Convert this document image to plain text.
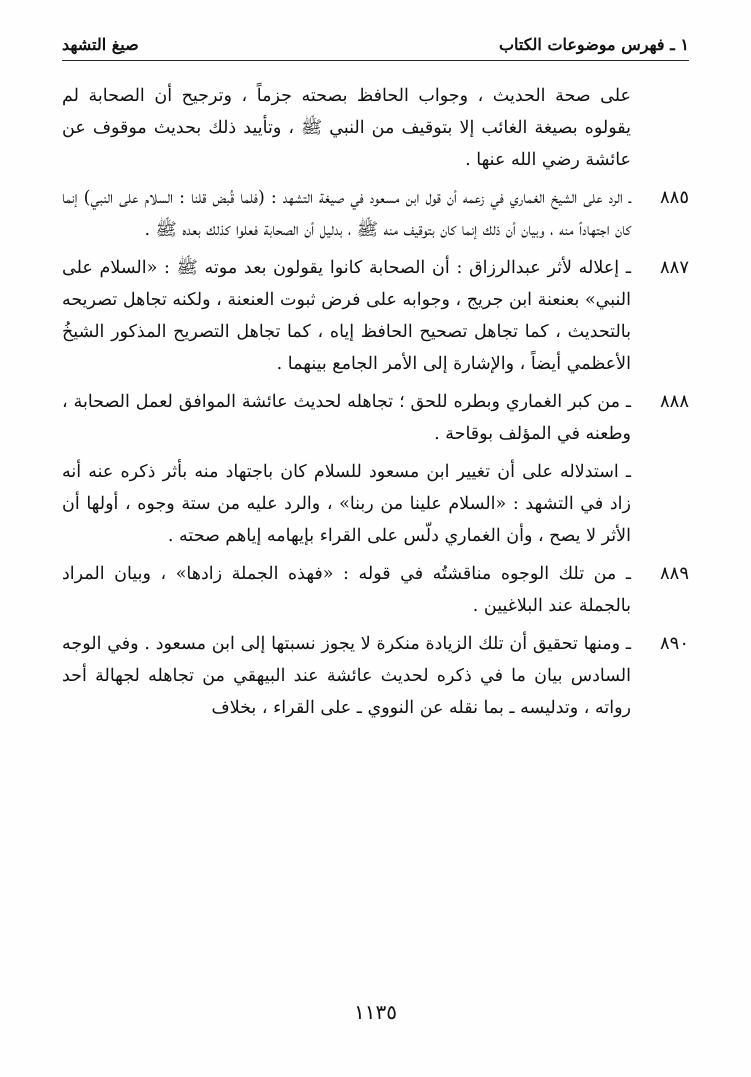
١ ـ فهرس موضوعات الكتاب
صيغ التشهد
على صحة الحديث ، وجواب الحافظ بصحته جزماً ، وترجيح أن الصحابة لم يقولوه بصيغة الغائب إلا بتوقيف من النبي ﷺ ، وتأييد ذلك بحديث موقوف عن عائشة رضي الله عنها .
٨٨٥
ـ الرد على الشيخ الغماري في زعمه أن قول ابن مسعود في صيغة التشهد : (فلما قُبض قلنا : السلام على النبي) إنما كان اجتهاداً منه ، وبيان أن ذلك إنما كان بتوقيف منه ﷺ ، بدليل أن الصحابة فعلوا كذلك بعده ﷺ .
٨٨٧
ـ إعلاله لأثر عبدالرزاق : أن الصحابة كانوا يقولون بعد موته ﷺ : «السلام على النبي» بعنعنة ابن جريج ، وجوابه على فرض ثبوت العنعنة ، ولكنه تجاهل تصريحه بالتحديث ، كما تجاهل تصحيح الحافظ إياه ، كما تجاهل التصريح المذكور الشيخُ الأعظمي أيضاً ، والإشارة إلى الأمر الجامع بينهما .
٨٨٨
ـ من كبر الغماري وبطره للحق ؛ تجاهله لحديث عائشة الموافق لعمل الصحابة ، وطعنه في المؤلف بوقاحة .
ـ استدلاله على أن تغيير ابن مسعود للسلام كان باجتهاد منه بأثر ذكره عنه أنه زاد في التشهد : «السلام علينا من ربنا» ، والرد عليه من ستة وجوه ، أولها أن الأثر لا يصح ، وأن الغماري دلّس على القراء بإيهامه إياهم صحته .
٨٨٩
ـ من تلك الوجوه مناقشتُه في قوله : «فهذه الجملة زادها» ، وبيان المراد بالجملة عند البلاغيين .
٨٩٠
ـ ومنها تحقيق أن تلك الزيادة منكرة لا يجوز نسبتها إلى ابن مسعود . وفي الوجه السادس بيان ما في ذكره لحديث عائشة عند البيهقي من تجاهله لجهالة أحد رواته ، وتدليسه ـ بما نقله عن النووي ـ على القراء ، بخلاف
١١٣٥
